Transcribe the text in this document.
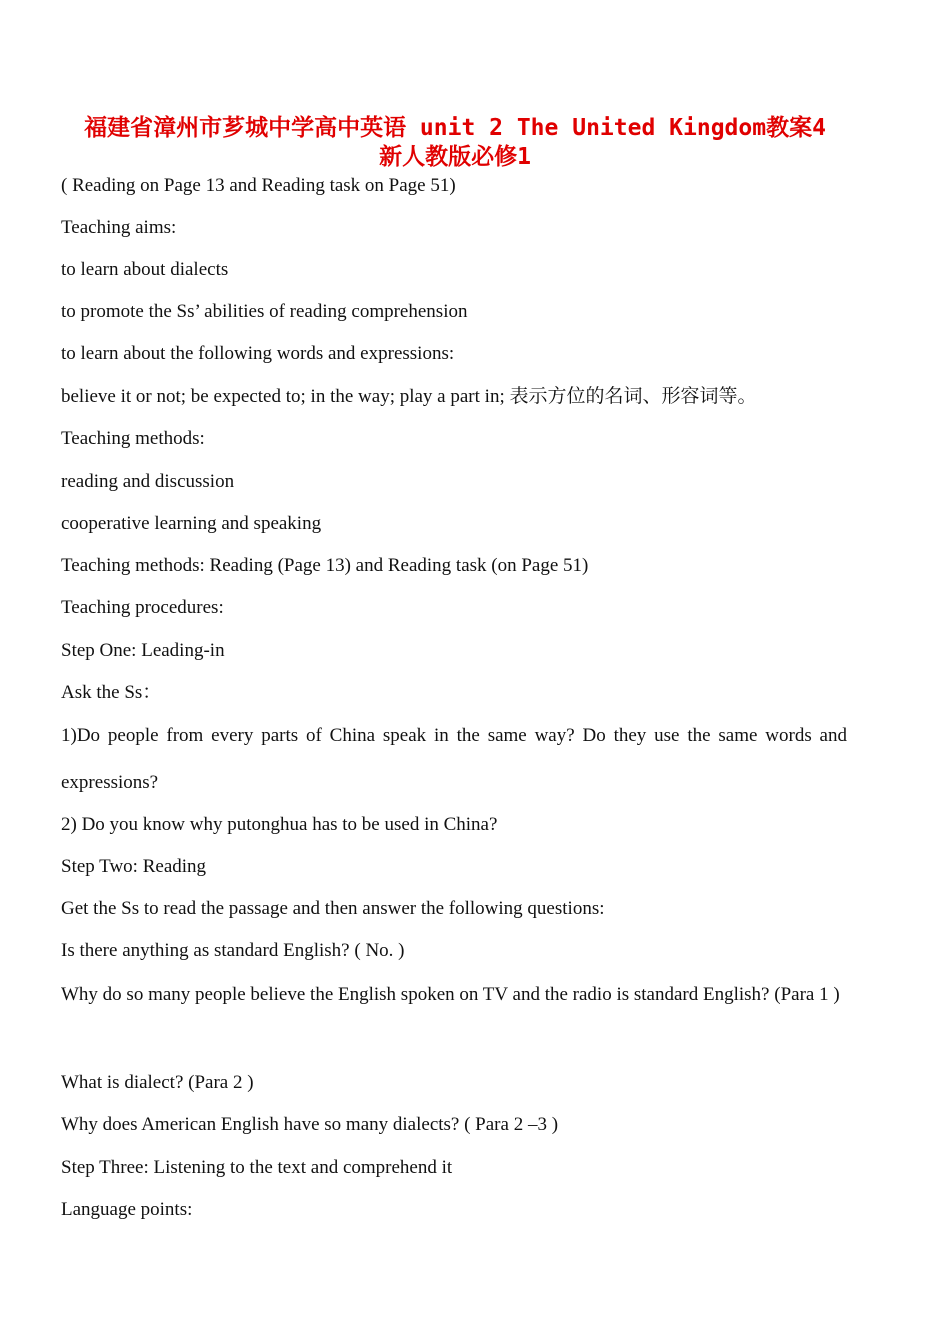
福建省漳州市芗城中学高中英语 unit 2 The United Kingdom教案4
新人教版必修1
( Reading on Page 13 and Reading task on Page 51)
Teaching aims:
to learn about dialects
to promote the Ss’ abilities of reading comprehension
to learn about the following words and expressions:
believe it or not; be expected to; in the way; play a part in; 表示方位的名词、形容词等。
Teaching methods:
reading and discussion
cooperative learning and speaking
Teaching methods: Reading (Page 13) and Reading task (on Page 51)
Teaching procedures:
Step One: Leading-in
Ask the Ss：
1)Do people from every parts of China speak in the same way? Do they use the same words and expressions?
2) Do you know why putonghua has to be used in China?
Step Two: Reading
Get the Ss to read the passage and then answer the following questions:
Is there anything as standard English? ( No. )
Why do so many people believe the English spoken on TV and the radio is standard English? (Para 1 )
What is dialect? (Para 2 )
Why does American English have so many dialects? ( Para 2 –3 )
Step Three: Listening to the text and comprehend it
Language points:
